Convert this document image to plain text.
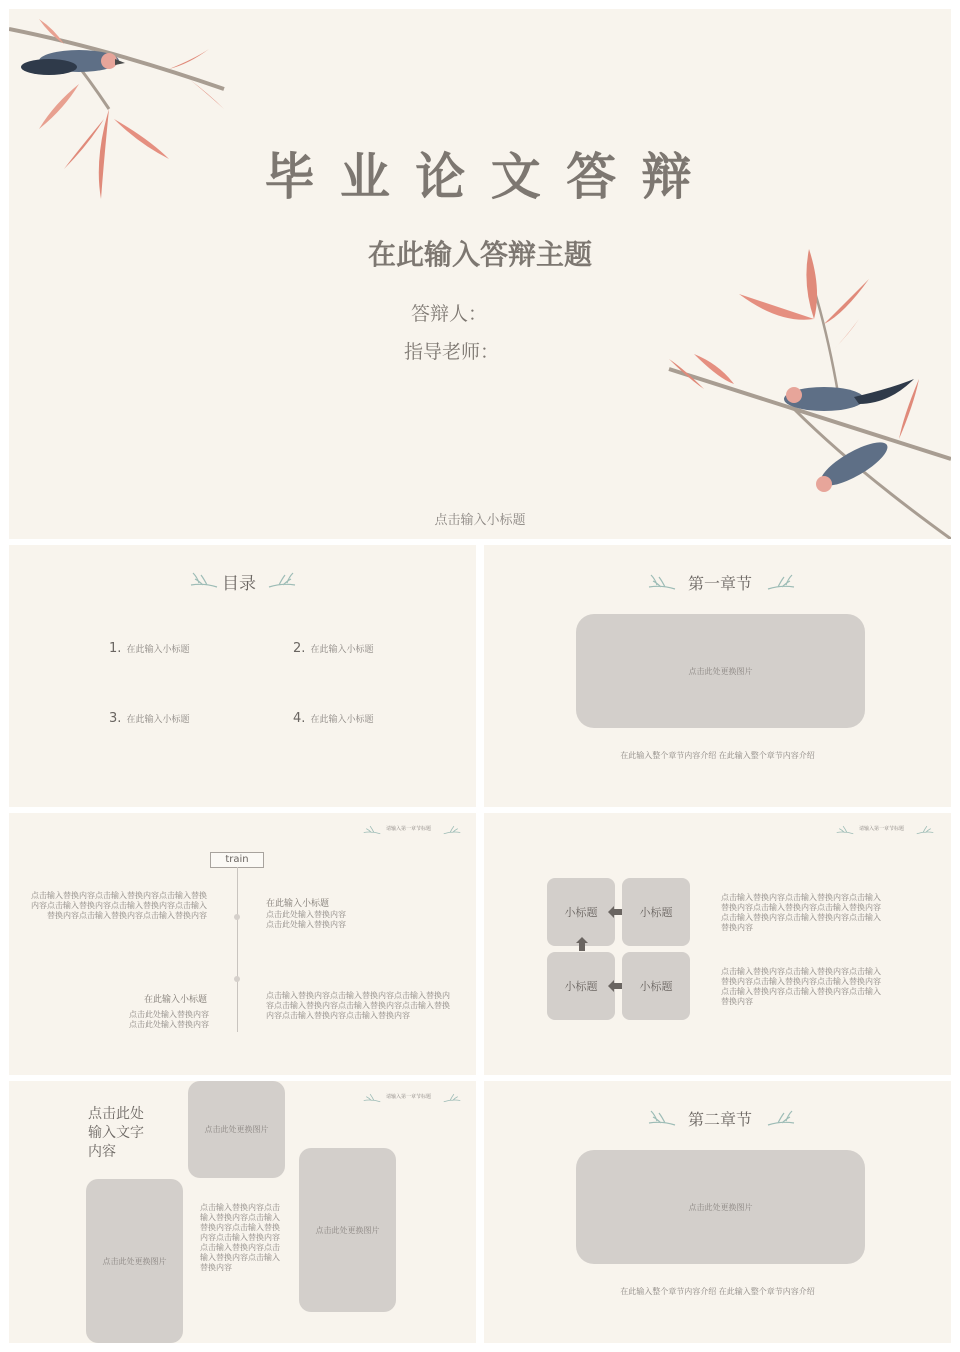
毕 业 论 文 答 辩
在此输入答辩主题
答辩人：
指导老师：
点击输入小标题
目录
1. 在此输入小标题	2. 在此输入小标题
3. 在此输入小标题	4. 在此输入小标题
第一章节
点击此处更换图片
在此输入整个章节内容介绍 在此输入整个章节内容介绍
请输入第一章节标题
train
点击输入替换内容点击输入替换内容点击输入替换内容点击输入替换内容点击输入替换内容点击输入替换内容点击输入替换内容点击输入替换内容
在此输入小标题
点击此处输入替换内容
点击此处输入替换内容
在此输入小标题
点击此处输入替换内容
点击此处输入替换内容
点击输入替换内容点击输入替换内容点击输入替换内容点击输入替换内容点击输入替换内容点击输入替换内容点击输入替换内容点击输入替换内容
请输入第一章节标题
小标题	小标题
小标题	小标题
点击输入替换内容点击输入替换内容点击输入替换内容点击输入替换内容点击输入替换内容点击输入替换内容点击输入替换内容点击输入替换内容
点击输入替换内容点击输入替换内容点击输入替换内容点击输入替换内容点击输入替换内容点击输入替换内容点击输入替换内容点击输入替换内容
请输入第一章节标题
点击此处
输入文字
内容
点击此处更换图片
点击此处更换图片
点击此处更换图片
点击输入替换内容点击输入替换内容点击输入替换内容点击输入替换内容点击输入替换内容点击输入替换内容点击输入替换内容点击输入替换内容
第二章节
点击此处更换图片
在此输入整个章节内容介绍 在此输入整个章节内容介绍
